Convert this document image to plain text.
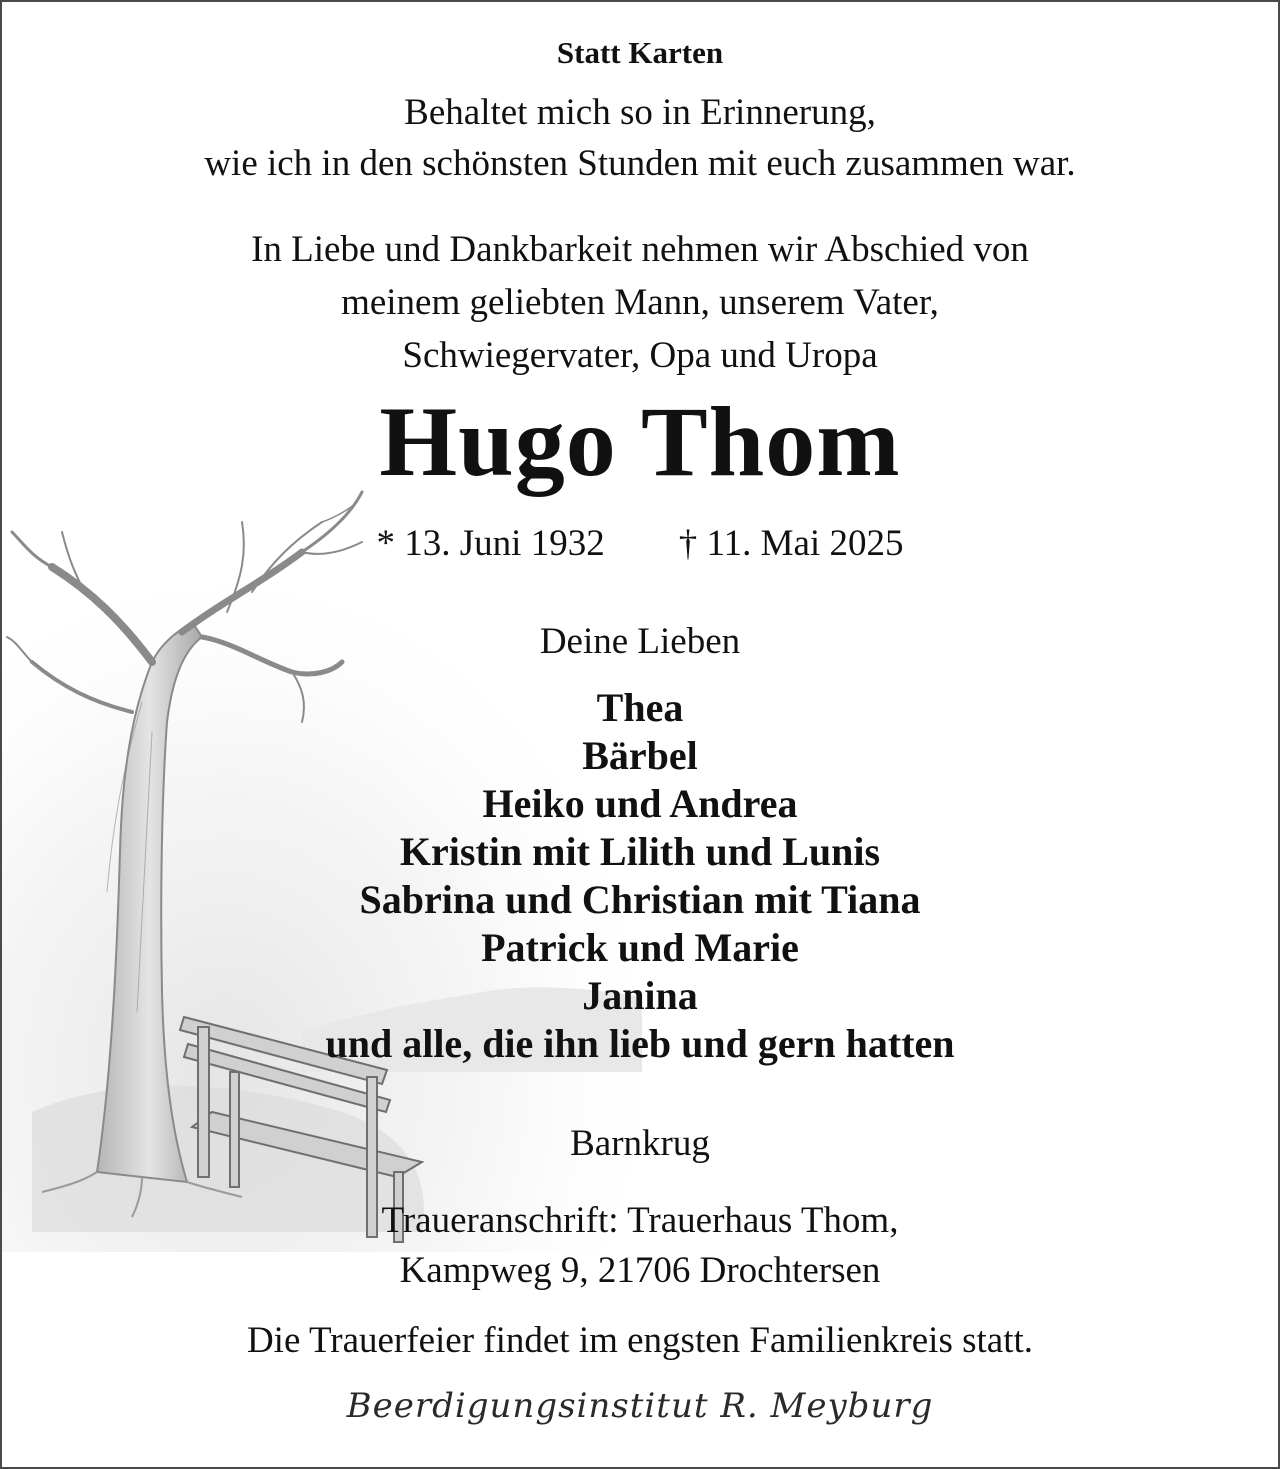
Statt Karten
Behaltet mich so in Erinnerung,
wie ich in den schönsten Stunden mit euch zusammen war.
In Liebe und Dankbarkeit nehmen wir Abschied von
meinem geliebten Mann, unserem Vater,
Schwiegervater, Opa und Uropa
Hugo Thom
* 13. Juni 1932 † 11. Mai 2025
Deine Lieben
Thea
Bärbel
Heiko und Andrea
Kristin mit Lilith und Lunis
Sabrina und Christian mit Tiana
Patrick und Marie
Janina
und alle, die ihn lieb und gern hatten
Barnkrug
Traueranschrift: Trauerhaus Thom,
Kampweg 9, 21706 Drochtersen
Die Trauerfeier findet im engsten Familienkreis statt.
Beerdigungsinstitut R. Meyburg
